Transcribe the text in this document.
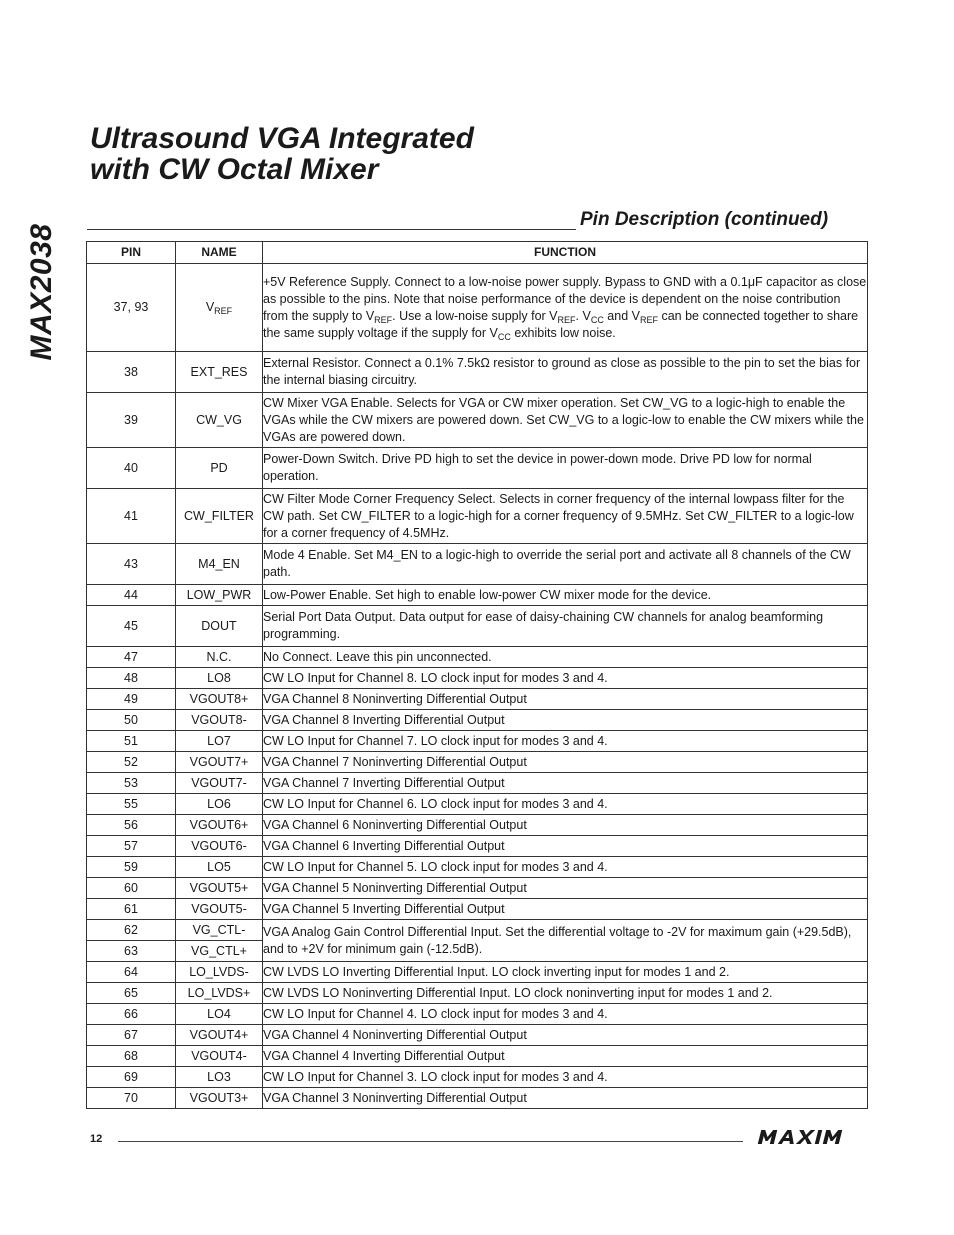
MAX2038
Ultrasound VGA Integrated
with CW Octal Mixer
Pin Description (continued)
PIN	NAME	FUNCTION
37, 93	$V_{REF}$	+5V Reference Supply. Connect to a low-noise power supply. Bypass to GND with a 0.1μF capacitor as close as possible to the pins. Note that noise performance of the device is dependent on the noise contribution from the supply to $V_{REF}$. Use a low-noise supply for $V_{REF}$. $V_{CC}$ and $V_{REF}$ can be connected together to share the same supply voltage if the supply for $V_{CC}$ exhibits low noise.
38	EXT_RES	External Resistor. Connect a 0.1% 7.5kΩ resistor to ground as close as possible to the pin to set the bias for the internal biasing circuitry.
39	CW_VG	CW Mixer VGA Enable. Selects for VGA or CW mixer operation. Set CW_VG to a logic-high to enable the VGAs while the CW mixers are powered down. Set CW_VG to a logic-low to enable the CW mixers while the VGAs are powered down.
40	PD	Power-Down Switch. Drive PD high to set the device in power-down mode. Drive PD low for normal operation.
41	CW_FILTER	CW Filter Mode Corner Frequency Select. Selects in corner frequency of the internal lowpass filter for the CW path. Set CW_FILTER to a logic-high for a corner frequency of 9.5MHz. Set CW_FILTER to a logic-low for a corner frequency of 4.5MHz.
43	M4_EN	Mode 4 Enable. Set M4_EN to a logic-high to override the serial port and activate all 8 channels of the CW path.
44	LOW_PWR	Low-Power Enable. Set high to enable low-power CW mixer mode for the device.
45	DOUT	Serial Port Data Output. Data output for ease of daisy-chaining CW channels for analog beamforming programming.
47	N.C.	No Connect. Leave this pin unconnected.
48	LO8	CW LO Input for Channel 8. LO clock input for modes 3 and 4.
49	VGOUT8+	VGA Channel 8 Noninverting Differential Output
50	VGOUT8-	VGA Channel 8 Inverting Differential Output
51	LO7	CW LO Input for Channel 7. LO clock input for modes 3 and 4.
52	VGOUT7+	VGA Channel 7 Noninverting Differential Output
53	VGOUT7-	VGA Channel 7 Inverting Differential Output
55	LO6	CW LO Input for Channel 6. LO clock input for modes 3 and 4.
56	VGOUT6+	VGA Channel 6 Noninverting Differential Output
57	VGOUT6-	VGA Channel 6 Inverting Differential Output
59	LO5	CW LO Input for Channel 5. LO clock input for modes 3 and 4.
60	VGOUT5+	VGA Channel 5 Noninverting Differential Output
61	VGOUT5-	VGA Channel 5 Inverting Differential Output
62	VG_CTL-	VGA Analog Gain Control Differential Input. Set the differential voltage to -2V for maximum gain (+29.5dB), and to +2V for minimum gain (-12.5dB).
63	VG_CTL+	
64	LO_LVDS-	CW LVDS LO Inverting Differential Input. LO clock inverting input for modes 1 and 2.
65	LO_LVDS+	CW LVDS LO Noninverting Differential Input. LO clock noninverting input for modes 1 and 2.
66	LO4	CW LO Input for Channel 4. LO clock input for modes 3 and 4.
67	VGOUT4+	VGA Channel 4 Noninverting Differential Output
68	VGOUT4-	VGA Channel 4 Inverting Differential Output
69	LO3	CW LO Input for Channel 3. LO clock input for modes 3 and 4.
70	VGOUT3+	VGA Channel 3 Noninverting Differential Output
12
